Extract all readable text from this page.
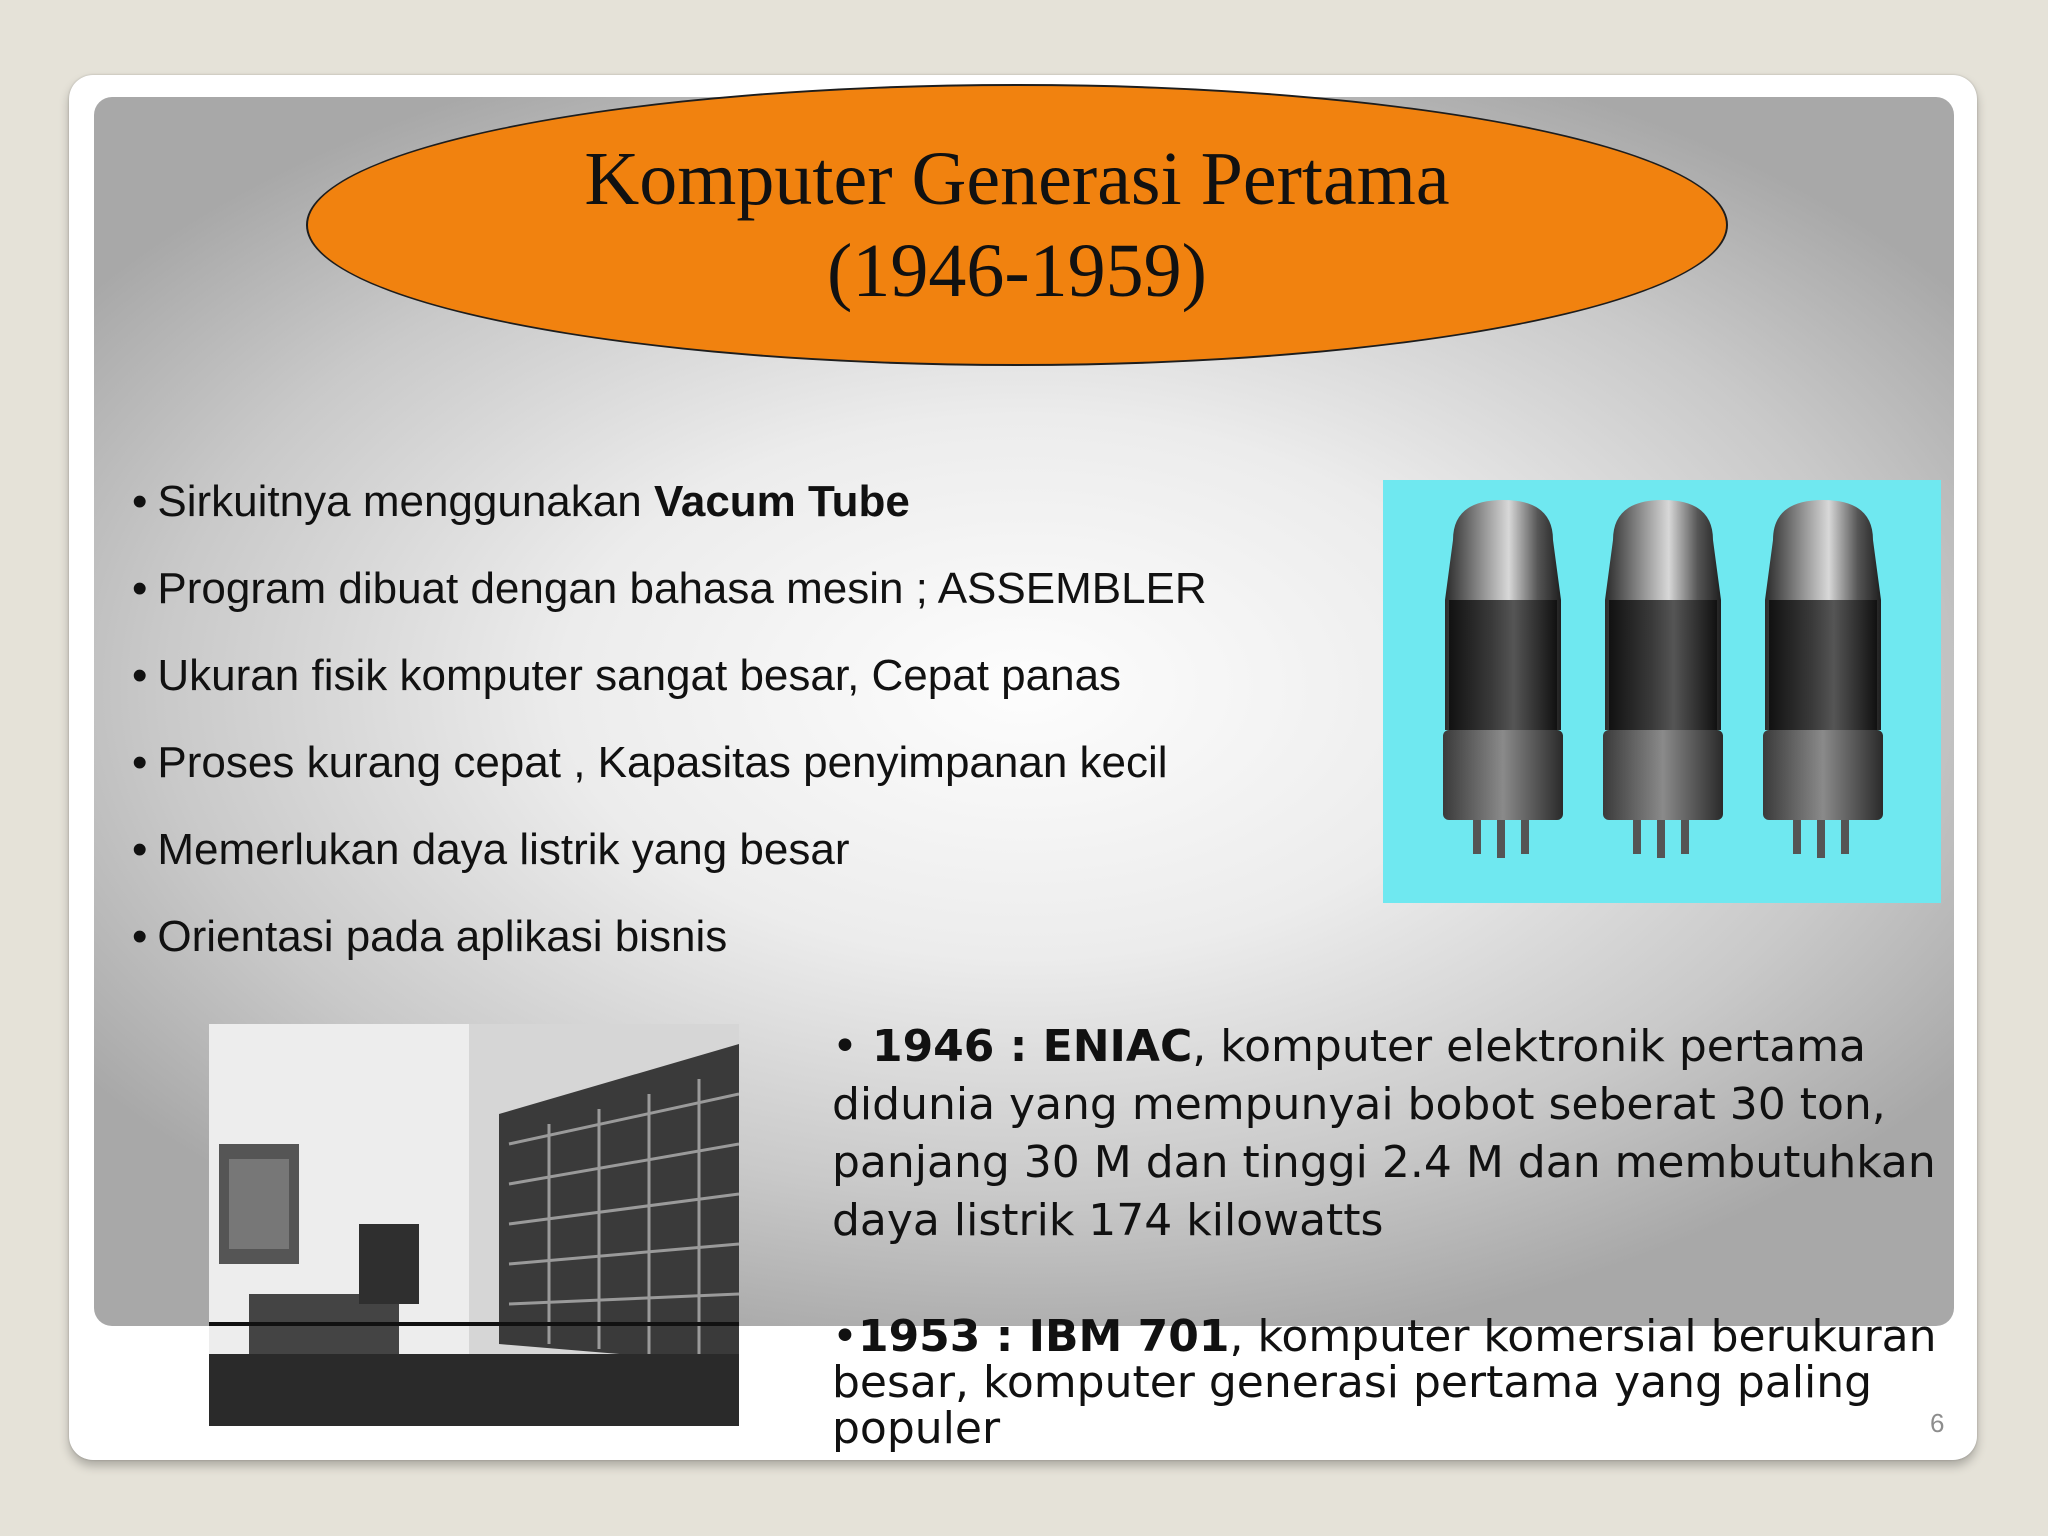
Komputer Generasi Pertama
(1946-1959)
• Sirkuitnya menggunakan Vacum Tube
• Program dibuat dengan bahasa mesin ; ASSEMBLER
• Ukuran fisik komputer sangat besar, Cepat panas
• Proses kurang cepat , Kapasitas penyimpanan kecil
• Memerlukan daya listrik yang besar
• Orientasi pada aplikasi bisnis
• 1946 : ENIAC, komputer elektronik pertama didunia yang mempunyai bobot seberat 30 ton, panjang 30 M dan tinggi 2.4 M dan membutuhkan daya listrik 174 kilowatts
•1953 : IBM 701, komputer komersial berukuran besar, komputer generasi pertama yang paling populer	6
